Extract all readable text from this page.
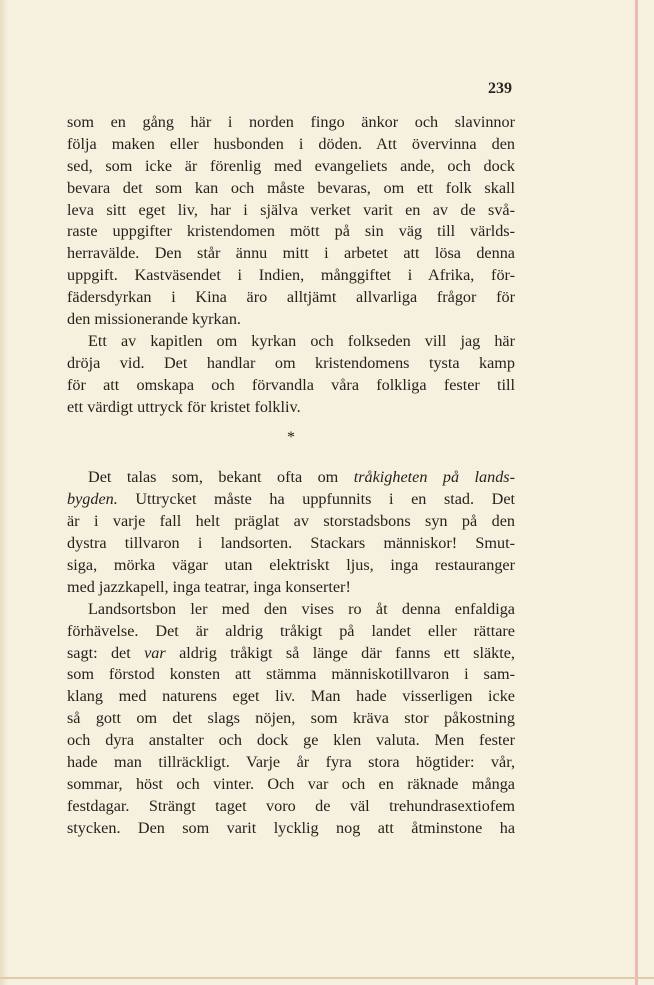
239
som en gång här i norden fingo änkor och slavinnor
följa maken eller husbonden i döden. Att övervinna den
sed, som icke är förenlig med evangeliets ande, och dock
bevara det som kan och måste bevaras, om ett folk skall
leva sitt eget liv, har i själva verket varit en av de svå-
raste uppgifter kristendomen mött på sin väg till världs-
herravälde. Den står ännu mitt i arbetet att lösa denna
uppgift. Kastväsendet i Indien, månggiftet i Afrika, för-
fädersdyrkan i Kina äro alltjämt allvarliga frågor för
den missionerande kyrkan.
Ett av kapitlen om kyrkan och folkseden vill jag här
dröja vid. Det handlar om kristendomens tysta kamp
för att omskapa och förvandla våra folkliga fester till
ett värdigt uttryck för kristet folkliv.
*
Det talas som, bekant ofta om tråkigheten på lands-
bygden. Uttrycket måste ha uppfunnits i en stad. Det
är i varje fall helt präglat av storstadsbons syn på den
dystra tillvaron i landsorten. Stackars människor! Smut-
siga, mörka vägar utan elektriskt ljus, inga restauranger
med jazzkapell, inga teatrar, inga konserter!
Landsortsbon ler med den vises ro åt denna enfaldiga
förhävelse. Det är aldrig tråkigt på landet eller rättare
sagt: det var aldrig tråkigt så länge där fanns ett släkte,
som förstod konsten att stämma människotillvaron i sam-
klang med naturens eget liv. Man hade visserligen icke
så gott om det slags nöjen, som kräva stor påkostning
och dyra anstalter och dock ge klen valuta. Men fester
hade man tillräckligt. Varje år fyra stora högtider: vår,
sommar, höst och vinter. Och var och en räknade många
festdagar. Strängt taget voro de väl trehundrasextiofem
stycken. Den som varit lycklig nog att åtminstone ha
